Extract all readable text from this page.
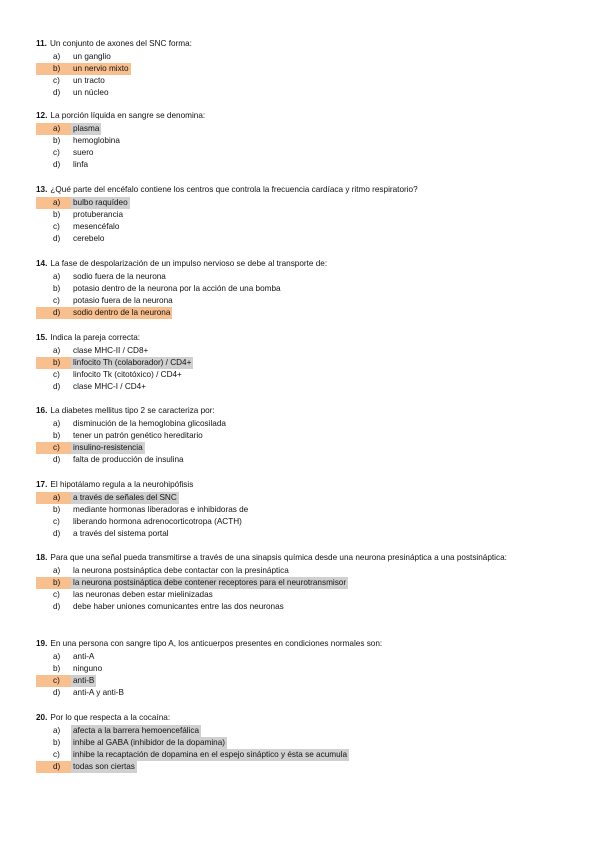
11. Un conjunto de axones del SNC forma:
a)	un ganglio
b)	un nervio mixto
c)	un tracto
d)	un núcleo
12. La porción líquida en sangre se denomina:
a)	plasma
b)	hemoglobina
c)	suero
d)	linfa
13. ¿Qué parte del encéfalo contiene los centros que controla la frecuencia cardíaca y ritmo respiratorio?
a)	bulbo raquídeo
b)	protuberancia
c)	mesencéfalo
d)	cerebelo
14. La fase de despolarización de un impulso nervioso se debe al transporte de:
a)	sodio fuera de la neurona
b)	potasio dentro de la neurona por la acción de una bomba
c)	potasio fuera de la neurona
d)	sodio dentro de la neurona
15. Indica la pareja correcta:
a)	clase MHC-II / CD8+
b)	linfocito Th (colaborador) / CD4+
c)	linfocito Tk (citotóxico) / CD4+
d)	clase MHC-I / CD4+
16. La diabetes mellitus tipo 2 se caracteriza por:
a)	disminución de la hemoglobina glicosilada
b)	tener un patrón genético hereditario
c)	insulino-resistencia
d)	falta de producción de insulina
17. El hipotálamo regula a la neurohipófisis
a)	a través de señales del SNC
b)	mediante hormonas liberadoras e inhibidoras de
c)	liberando hormona adrenocorticotropa (ACTH)
d)	a través del sistema portal
18. Para que una señal pueda transmitirse a través de una sinapsis química desde una neurona presináptica a una postsináptica:
a)	la neurona postsináptica debe contactar con la presináptica
b)	la neurona postsináptica debe contener receptores para el neurotransmisor
c)	las neuronas deben estar mielinizadas
d)	debe haber uniones comunicantes entre las dos neuronas
19. En una persona con sangre tipo A, los anticuerpos presentes en condiciones normales son:
a)	anti-A
b)	ninguno
c)	anti-B
d)	anti-A y anti-B
20. Por lo que respecta a la cocaína:
a)	afecta a la barrera hemoencefálica
b)	inhibe al GABA (inhibidor de la dopamina)
c)	inhibe la recaptación de dopamina en el espejo sináptico y ésta se acumula
d)	todas son ciertas
